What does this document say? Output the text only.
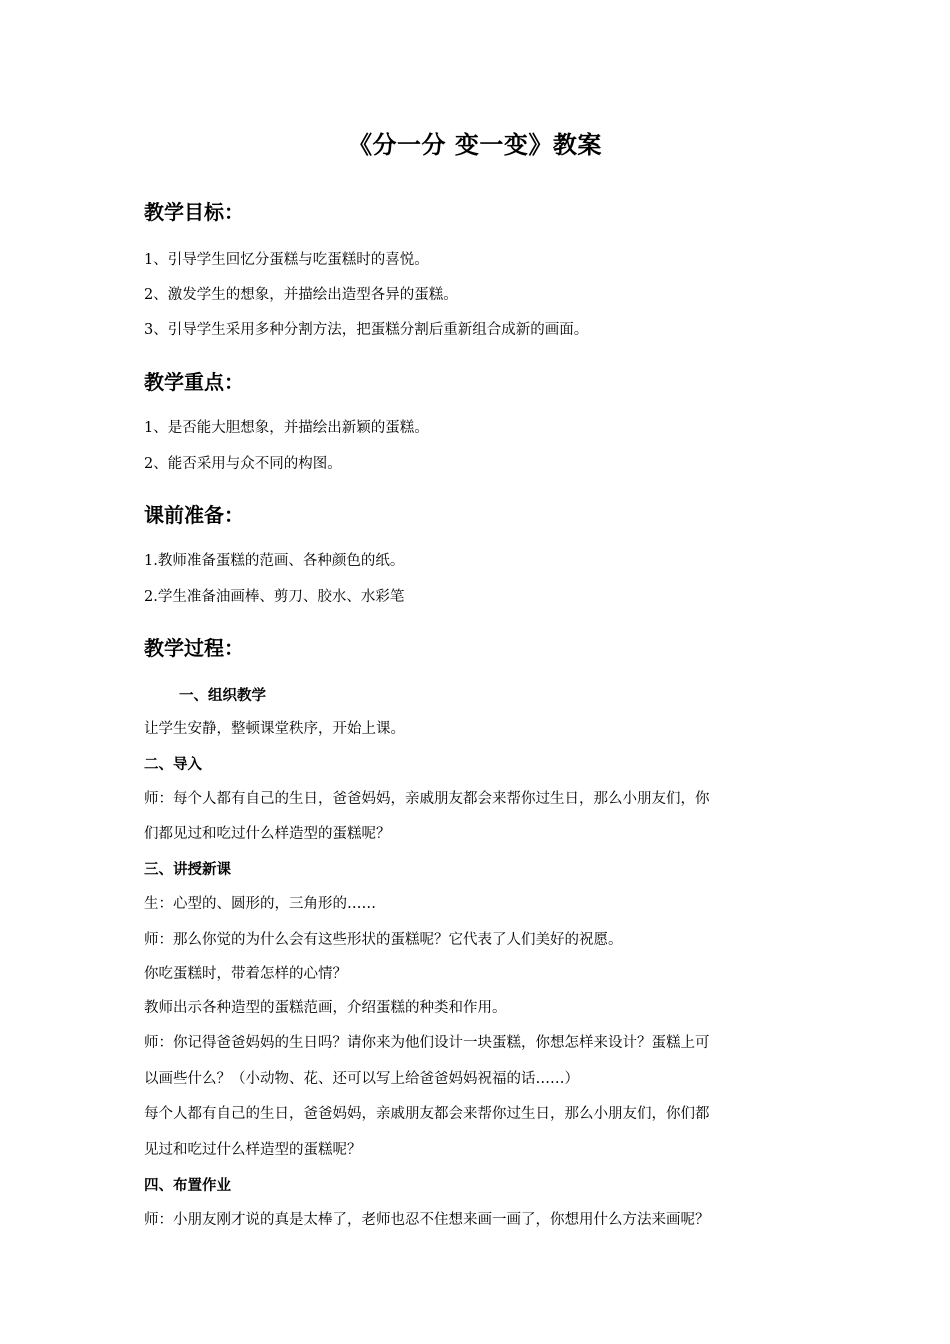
《分一分 变一变》教案
教学目标：
1、引导学生回忆分蛋糕与吃蛋糕时的喜悦。
2、激发学生的想象，并描绘出造型各异的蛋糕。
3、引导学生采用多种分割方法，把蛋糕分割后重新组合成新的画面。
教学重点：
1、是否能大胆想象，并描绘出新颖的蛋糕。
2、能否采用与众不同的构图。
课前准备：
1.教师准备蛋糕的范画、各种颜色的纸。
2.学生准备油画棒、剪刀、胶水、水彩笔
教学过程：
一、组织教学
让学生安静，整顿课堂秩序，开始上课。
二、导入
师：每个人都有自己的生日，爸爸妈妈，亲戚朋友都会来帮你过生日，那么小朋友们，你
们都见过和吃过什么样造型的蛋糕呢？
三、讲授新课
生：心型的、圆形的，三角形的……
师：那么你觉的为什么会有这些形状的蛋糕呢？它代表了人们美好的祝愿。
你吃蛋糕时，带着怎样的心情？
教师出示各种造型的蛋糕范画，介绍蛋糕的种类和作用。
师：你记得爸爸妈妈的生日吗？请你来为他们设计一块蛋糕，你想怎样来设计？蛋糕上可
以画些什么？（小动物、花、还可以写上给爸爸妈妈祝福的话……）
每个人都有自己的生日，爸爸妈妈，亲戚朋友都会来帮你过生日，那么小朋友们，你们都
见过和吃过什么样造型的蛋糕呢？
四、布置作业
师：小朋友刚才说的真是太棒了，老师也忍不住想来画一画了，你想用什么方法来画呢？
